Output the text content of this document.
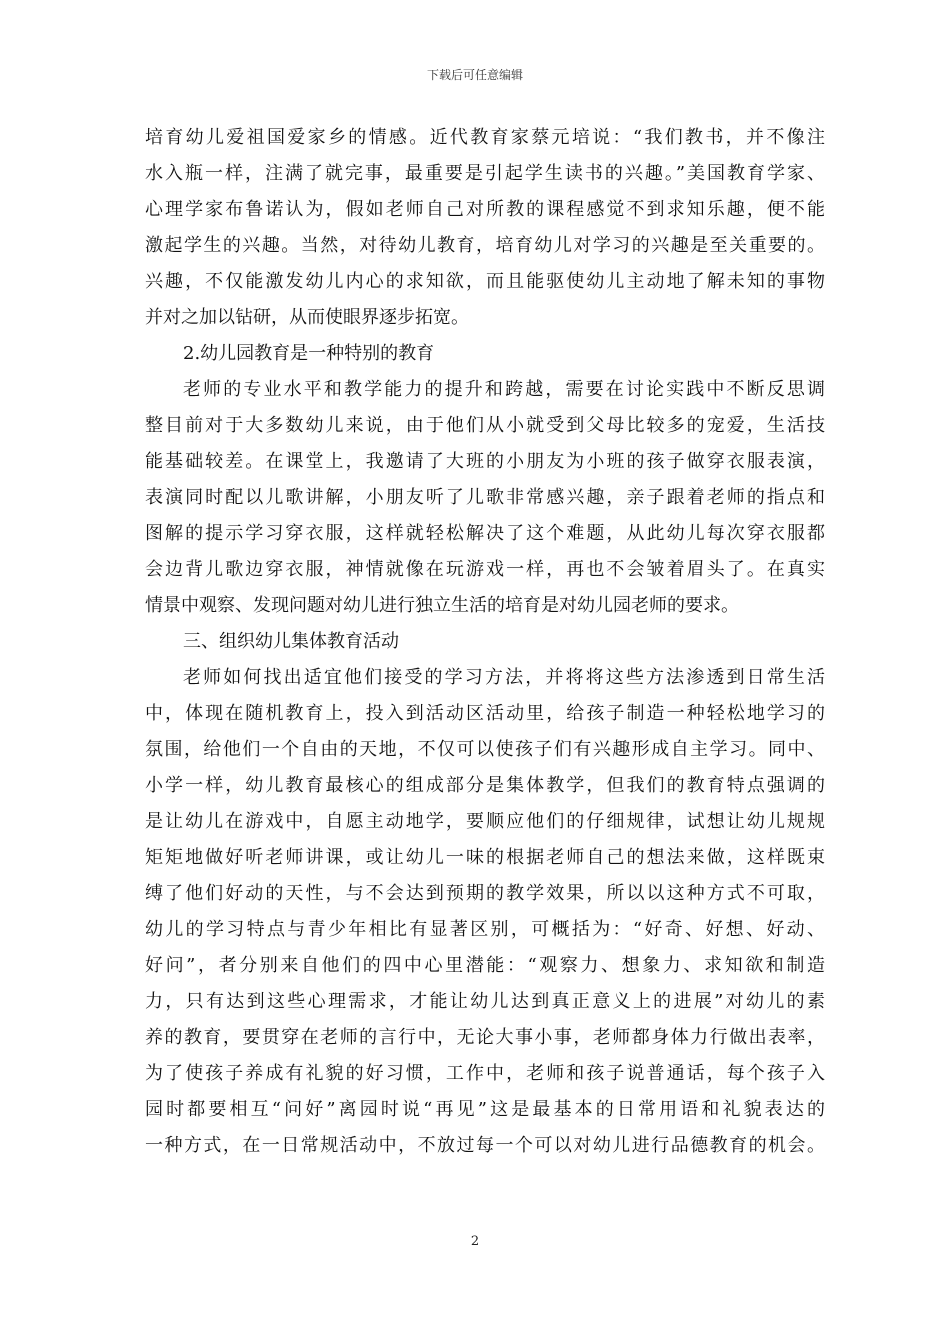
下载后可任意编辑
培育幼儿爱祖国爱家乡的情感。近代教育家蔡元培说：“我们教书，并不像注
水入瓶一样，注满了就完事，最重要是引起学生读书的兴趣。”美国教育学家、
心理学家布鲁诺认为，假如老师自己对所教的课程感觉不到求知乐趣，便不能
激起学生的兴趣。当然，对待幼儿教育，培育幼儿对学习的兴趣是至关重要的。
兴趣，不仅能激发幼儿内心的求知欲，而且能驱使幼儿主动地了解未知的事物
并对之加以钻研，从而使眼界逐步拓宽。
2.幼儿园教育是一种特别的教育
老师的专业水平和教学能力的提升和跨越，需要在讨论实践中不断反思调
整目前对于大多数幼儿来说，由于他们从小就受到父母比较多的宠爱，生活技
能基础较差。在课堂上，我邀请了大班的小朋友为小班的孩子做穿衣服表演，
表演同时配以儿歌讲解，小朋友听了儿歌非常感兴趣，亲子跟着老师的指点和
图解的提示学习穿衣服，这样就轻松解决了这个难题，从此幼儿每次穿衣服都
会边背儿歌边穿衣服，神情就像在玩游戏一样，再也不会皱着眉头了。在真实
情景中观察、发现问题对幼儿进行独立生活的培育是对幼儿园老师的要求。
三、组织幼儿集体教育活动
老师如何找出适宜他们接受的学习方法，并将将这些方法渗透到日常生活
中，体现在随机教育上，投入到活动区活动里，给孩子制造一种轻松地学习的
氛围，给他们一个自由的天地，不仅可以使孩子们有兴趣形成自主学习。同中、
小学一样，幼儿教育最核心的组成部分是集体教学，但我们的教育特点强调的
是让幼儿在游戏中，自愿主动地学，要顺应他们的仔细规律，试想让幼儿规规
矩矩地做好听老师讲课，或让幼儿一味的根据老师自己的想法来做，这样既束
缚了他们好动的天性，与不会达到预期的教学效果，所以以这种方式不可取，
幼儿的学习特点与青少年相比有显著区别，可概括为：“好奇、好想、好动、
好问”，者分别来自他们的四中心里潜能：“观察力、想象力、求知欲和制造
力，只有达到这些心理需求，才能让幼儿达到真正意义上的进展”对幼儿的素
养的教育，要贯穿在老师的言行中，无论大事小事，老师都身体力行做出表率，
为了使孩子养成有礼貌的好习惯，工作中，老师和孩子说普通话，每个孩子入
园时都要相互“问好”离园时说“再见”这是最基本的日常用语和礼貌表达的
一种方式，在一日常规活动中，不放过每一个可以对幼儿进行品德教育的机会。
2
